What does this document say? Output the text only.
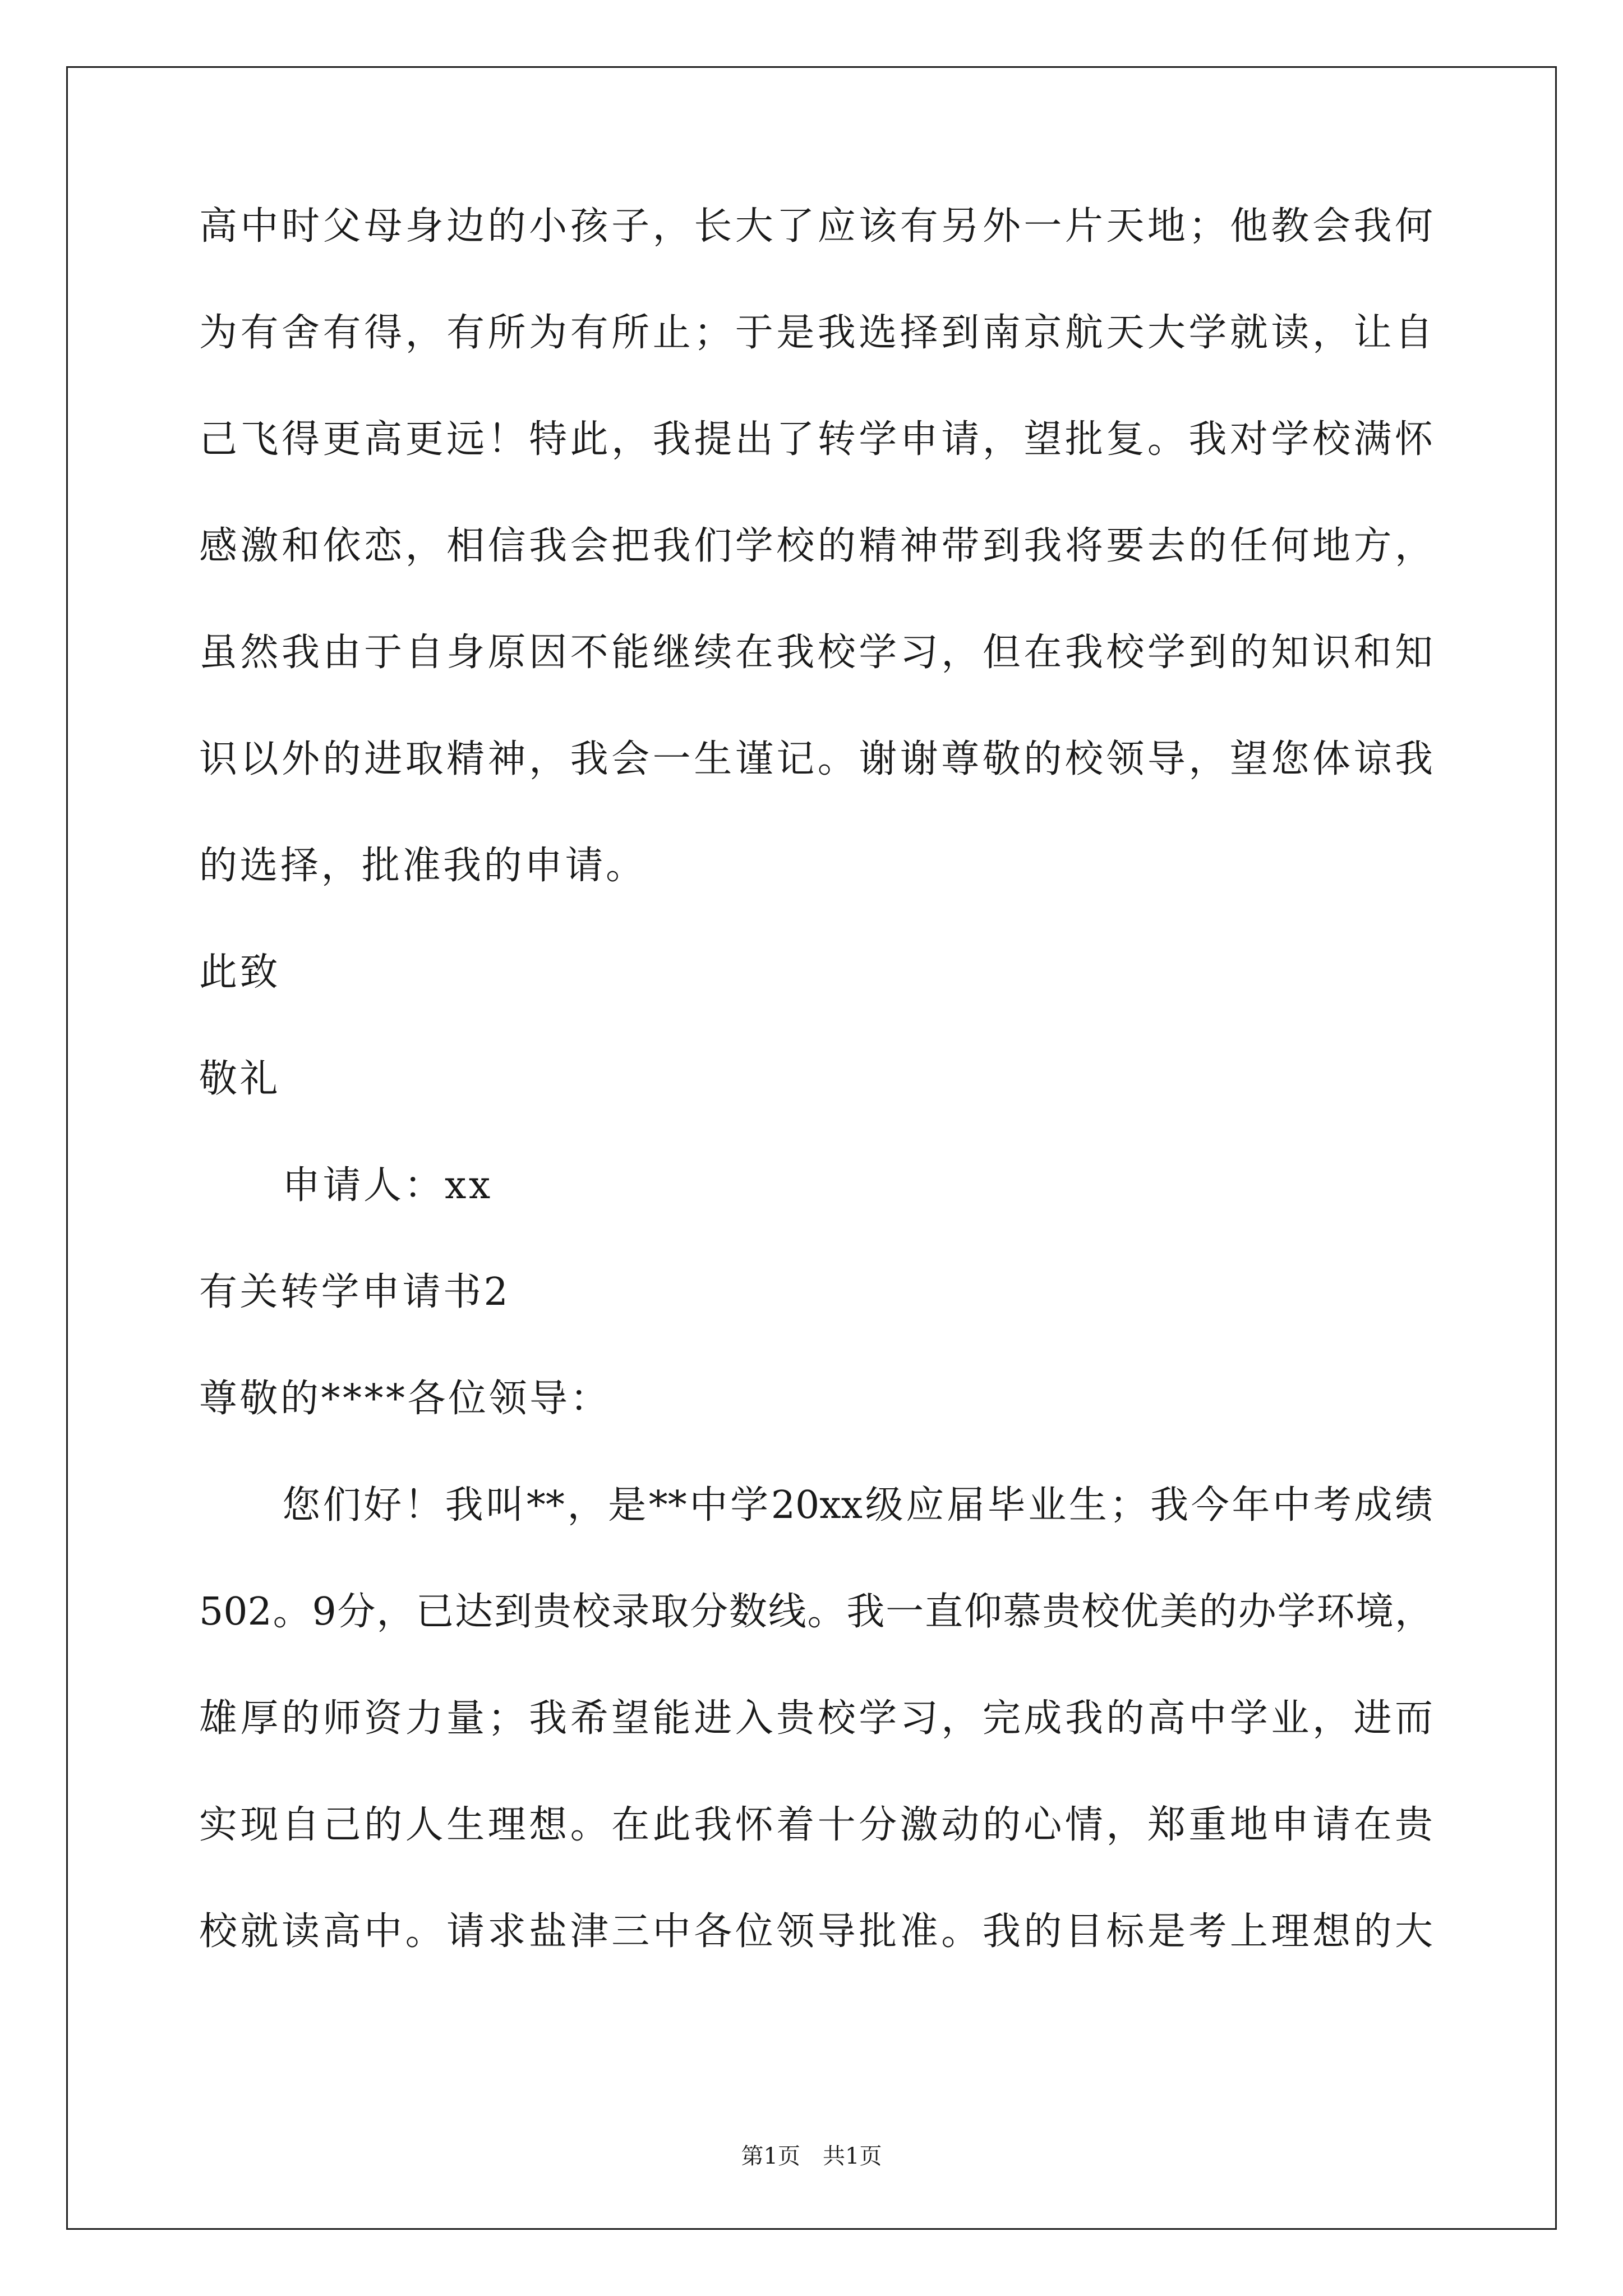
高中时父母身边的小孩子，长大了应该有另外一片天地；他教会我何
为有舍有得，有所为有所止；于是我选择到南京航天大学就读，让自
己飞得更高更远！特此，我提出了转学申请，望批复。我对学校满怀
感激和依恋，相信我会把我们学校的精神带到我将要去的任何地方，
虽然我由于自身原因不能继续在我校学习，但在我校学到的知识和知
识以外的进取精神，我会一生谨记。谢谢尊敬的校领导，望您体谅我
的选择，批准我的申请。
此致
敬礼
申请人：xx
有关转学申请书2
尊敬的****各位领导：
您们好！我叫**，是**中学20xx级应届毕业生；我今年中考成绩
502。9分，已达到贵校录取分数线。我一直仰慕贵校优美的办学环境，
雄厚的师资力量；我希望能进入贵校学习，完成我的高中学业，进而
实现自己的人生理想。在此我怀着十分激动的心情，郑重地申请在贵
校就读高中。请求盐津三中各位领导批准。我的目标是考上理想的大
第1页　共1页
